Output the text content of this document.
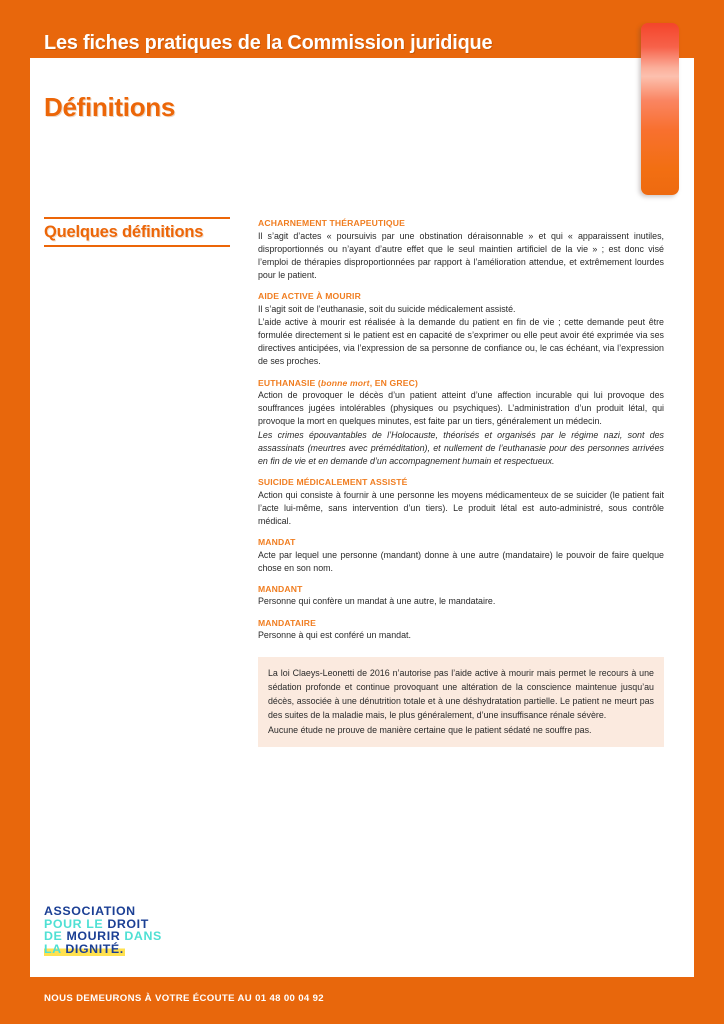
Les fiches pratiques de la Commission juridique
Définitions
Quelques définitions	ACHARNEMENT THÉRAPEUTIQUE
Il s’agit d’actes « poursuivis par une obstination déraisonnable » et qui « apparaissent inutiles, disproportionnés ou n’ayant d’autre effet que le seul maintien artificiel de la vie » ; est donc visé l’emploi de thérapies disproportionnées par rapport à l’amélioration attendue, et extrêmement lourdes pour le patient.
AIDE ACTIVE À MOURIR
Il s’agit soit de l’euthanasie, soit du suicide médicalement assisté.
L’aide active à mourir est réalisée à la demande du patient en fin de vie ; cette demande peut être formulée directement si le patient est en capacité de s’exprimer ou elle peut avoir été exprimée via ses directives anticipées, via l’expression de sa personne de confiance ou, le cas échéant, via l’expression de ses proches.
EUTHANASIE (bonne mort, EN GREC)
Action de provoquer le décès d’un patient atteint d’une affection incurable qui lui provoque des souffrances jugées intolérables (physiques ou psychiques). L’administration d’un produit létal, qui provoque la mort en quelques minutes, est faite par un tiers, généralement un médecin.
Les crimes épouvantables de l’Holocauste, théorisés et organisés par le régime nazi, sont des assassinats (meurtres avec préméditation), et nullement de l’euthanasie pour des personnes arrivées en fin de vie et en demande d’un accompagnement humain et respectueux.
SUICIDE MÉDICALEMENT ASSISTÉ
Action qui consiste à fournir à une personne les moyens médicamenteux de se suicider (le patient fait l’acte lui-même, sans intervention d’un tiers). Le produit létal est auto-administré, sous contrôle médical.
MANDAT
Acte par lequel une personne (mandant) donne à une autre (mandataire) le pouvoir de faire quelque chose en son nom.
MANDANT
Personne qui confère un mandat à une autre, le mandataire.
MANDATAIRE
Personne à qui est conféré un mandat.

La loi Claeys-Leonetti de 2016 n’autorise pas l’aide active à mourir mais permet le recours à une sédation profonde et continue provoquant une altération de la conscience maintenue jusqu’au décès, associée à une dénutrition totale et à une déshydratation partielle. Le patient ne meurt pas des suites de la maladie mais, le plus généralement, d’une insuffisance rénale sévère.

Aucune étude ne prouve de manière certaine que le patient sédaté ne souffre pas.

ASSOCIATION
POUR LE DROIT
DE MOURIR DANS
LA DIGNITÉ.
NOUS DEMEURONS À VOTRE ÉCOUTE AU 01 48 00 04 92
